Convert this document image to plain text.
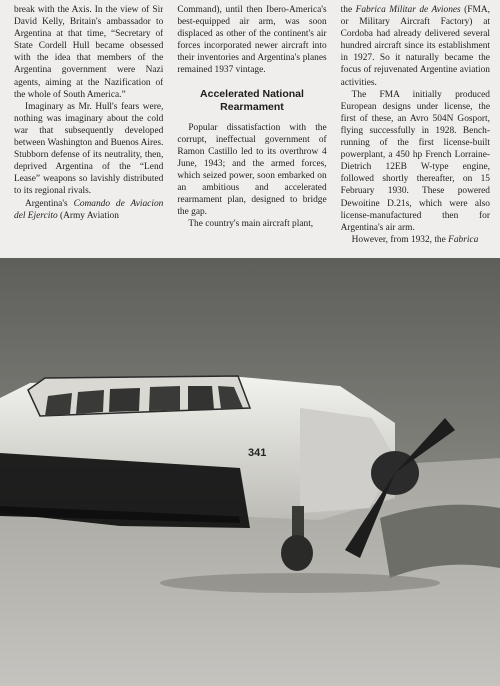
break with the Axis. In the view of Sir David Kelly, Britain's ambassador to Argentina at that time, “Secretary of State Cordell Hull became obsessed with the idea that members of the Argentina government were Nazi agents, aiming at the Nazification of the whole of South America.”

Imaginary as Mr. Hull's fears were, nothing was imaginary about the cold war that subsequently developed between Washington and Buenos Aires. Stubborn defense of its neutrality, then, deprived Argentina of the “Lend Lease” weapons so lavishly distributed to its regional rivals.

Argentina's Comando de Aviacion del Ejercito (Army Aviation

Command), until then Ibero-America's best-equipped air arm, was soon displaced as other of the continent's air forces incorporated newer aircraft into their inventories and Argentina's planes remained 1937 vintage.

Accelerated National
Rearmament

Popular dissatisfaction with the corrupt, ineffectual government of Ramon Castillo led to its overthrow 4 June, 1943; and the armed forces, which seized power, soon embarked on an ambitious and accelerated rearmament plan, designed to bridge the gap.

The country's main aircraft plant,

the Fabrica Militar de Aviones (FMA, or Military Aircraft Factory) at Cordoba had already delivered several hundred aircraft since its establishment in 1927. So it naturally became the focus of rejuvenated Argentine aviation activities.

The FMA initially produced European designs under license, the first of these, an Avro 504N Gosport, flying successfully in 1928. Bench-running of the first license-built powerplant, a 450 hp French Lorraine-Dietrich 12EB W-type engine, followed shortly thereafter, on 15 February 1930. These powered Dewoitine D.21s, which were also license-manufactured then for Argentina's air arm.

However, from 1932, the Fabrica

341
